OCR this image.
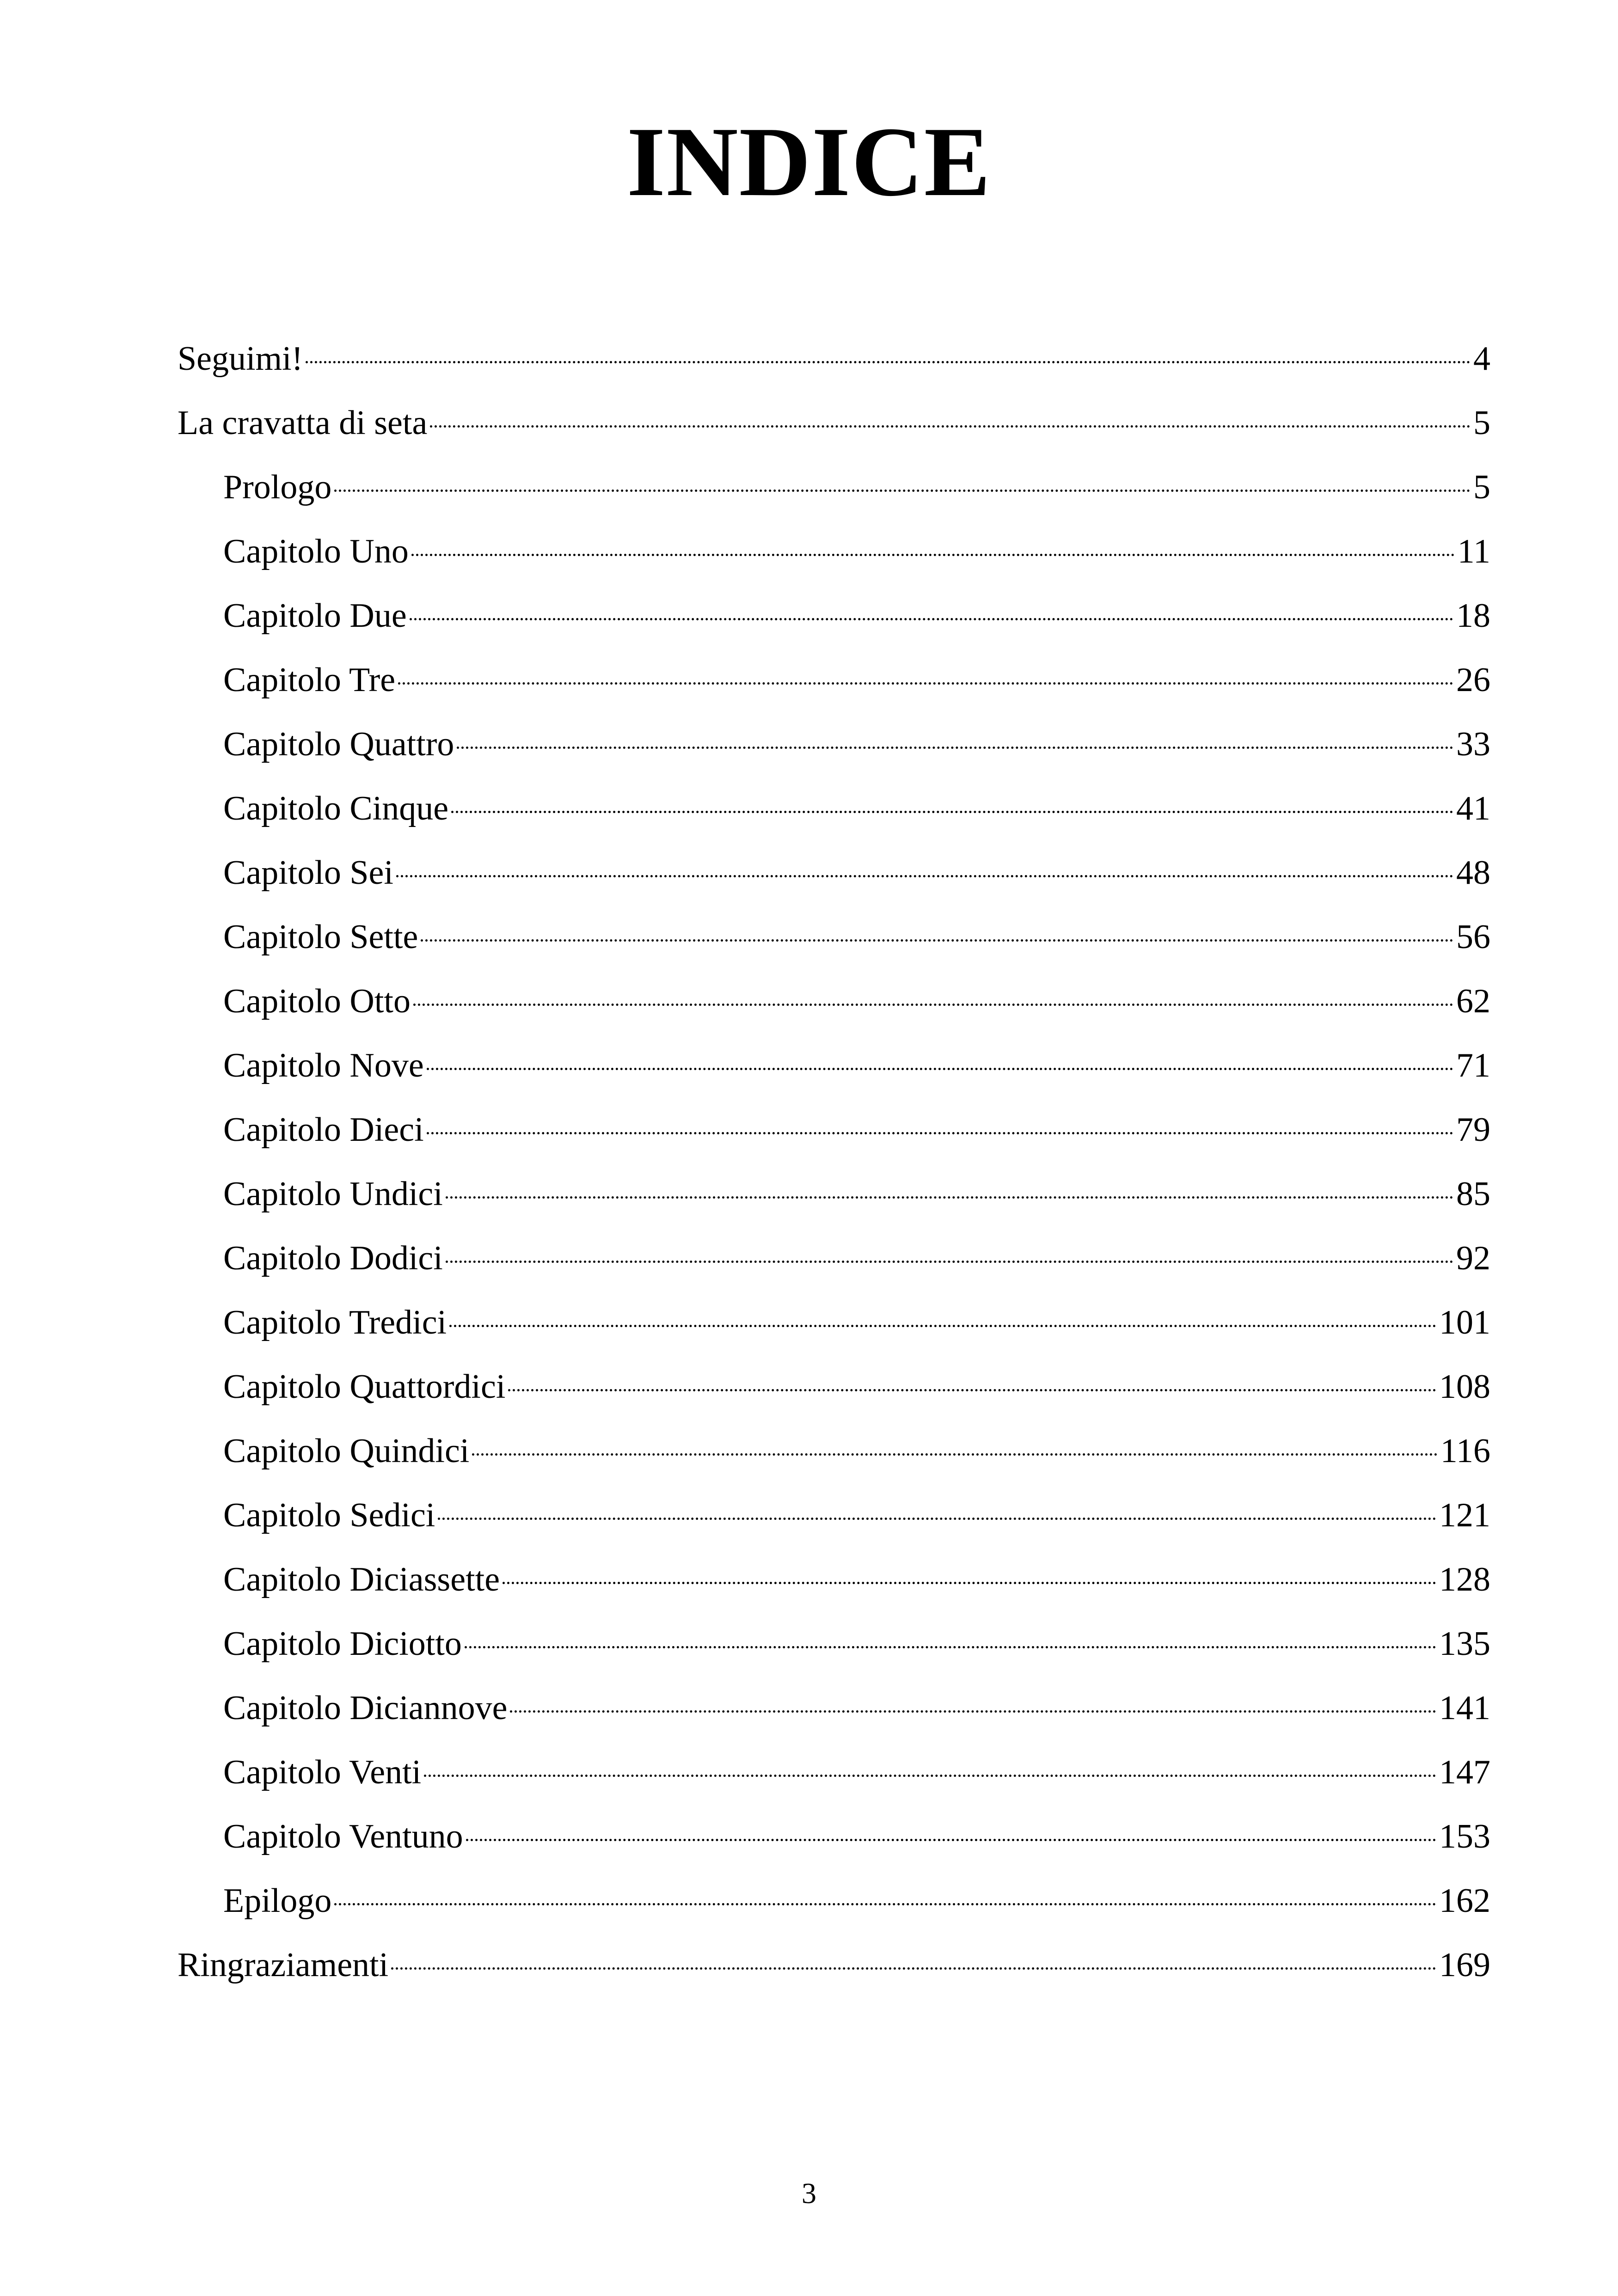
INDICE
Seguimi!	4
La cravatta di seta	5
Prologo	5
Capitolo Uno	11
Capitolo Due	18
Capitolo Tre	26
Capitolo Quattro	33
Capitolo Cinque	41
Capitolo Sei	48
Capitolo Sette	56
Capitolo Otto	62
Capitolo Nove	71
Capitolo Dieci	79
Capitolo Undici	85
Capitolo Dodici	92
Capitolo Tredici	101
Capitolo Quattordici	108
Capitolo Quindici	116
Capitolo Sedici	121
Capitolo Diciassette	128
Capitolo Diciotto	135
Capitolo Diciannove	141
Capitolo Venti	147
Capitolo Ventuno	153
Epilogo	162
Ringraziamenti	169
3
